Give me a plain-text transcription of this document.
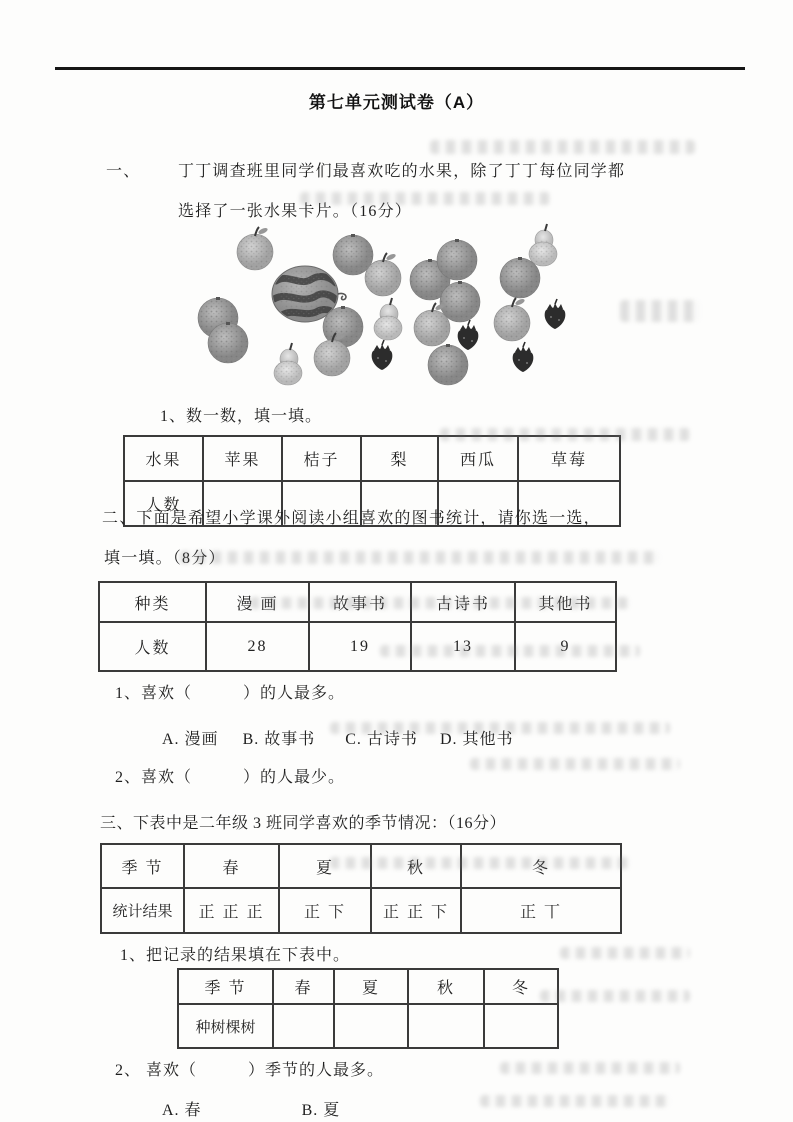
第七单元测试卷（A）
一、 丁丁调查班里同学们最喜欢吃的水果，除了丁丁每位同学都
选择了一张水果卡片。（16分）
1、数一数，填一填。
水果	苹果	桔子	梨	西瓜	草莓
人数					
二、下面是希望小学课外阅读小组喜欢的图书统计，请你选一选，
填一填。（8分）
种类	漫 画	故事书	古诗书	其他书
人数	28	19	13	9
1、喜欢（　　　）的人最多。
A. 漫画 B. 故事书 C. 古诗书 D. 其他书
2、喜欢（　　　）的人最少。
三、下表中是二年级 3 班同学喜欢的季节情况：（16分）
季 节	春	夏	秋	冬
统计结果	正 正 正	正 下	正 正 下	正 丅
1、把记录的结果填在下表中。
季 节	春	夏	秋	冬
种树棵树				
2、 喜欢（　　　）季节的人最多。
A. 春	B. 夏
